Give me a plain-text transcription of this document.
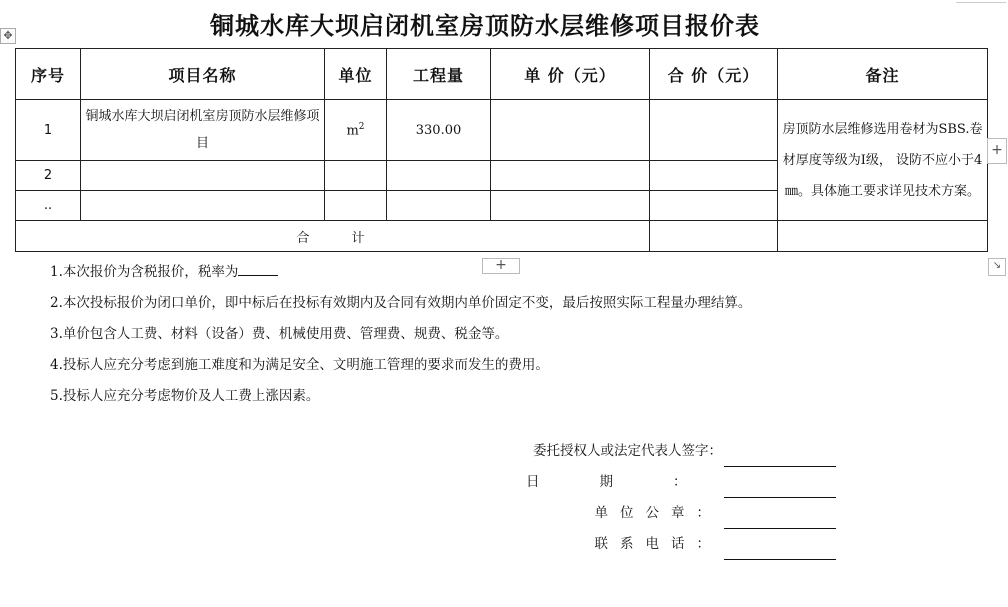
✥	铜城水库大坝启闭机室房顶防水层维修项目报价表
序号	项目名称	单位	工程量	单 价（元）	合 价（元）	备注
1	铜城水库大坝启闭机室房顶防水层维修项目	$m^2$	330.00			房顶防水层维修选用卷材为SBS.卷材厚度等级为Ⅰ级， 设防不应小于4㎜。具体施工要求详见技术方案。
2						
..						
合 计						
+
+	↘
1.本次报价为含税报价，税率为
2.本次投标报价为闭口单价，即中标后在投标有效期内及合同有效期内单价固定不变，最后按照实际工程量办理结算。
3.单价包含人工费、材料（设备）费、机械使用费、管理费、规费、税金等。
4.投标人应充分考虑到施工难度和为满足安全、文明施工管理的要求而发生的费用。
5.投标人应充分考虑物价及人工费上涨因素。
委托授权人或法定代表人签字：
日期：
单位公章：
联系电话：
